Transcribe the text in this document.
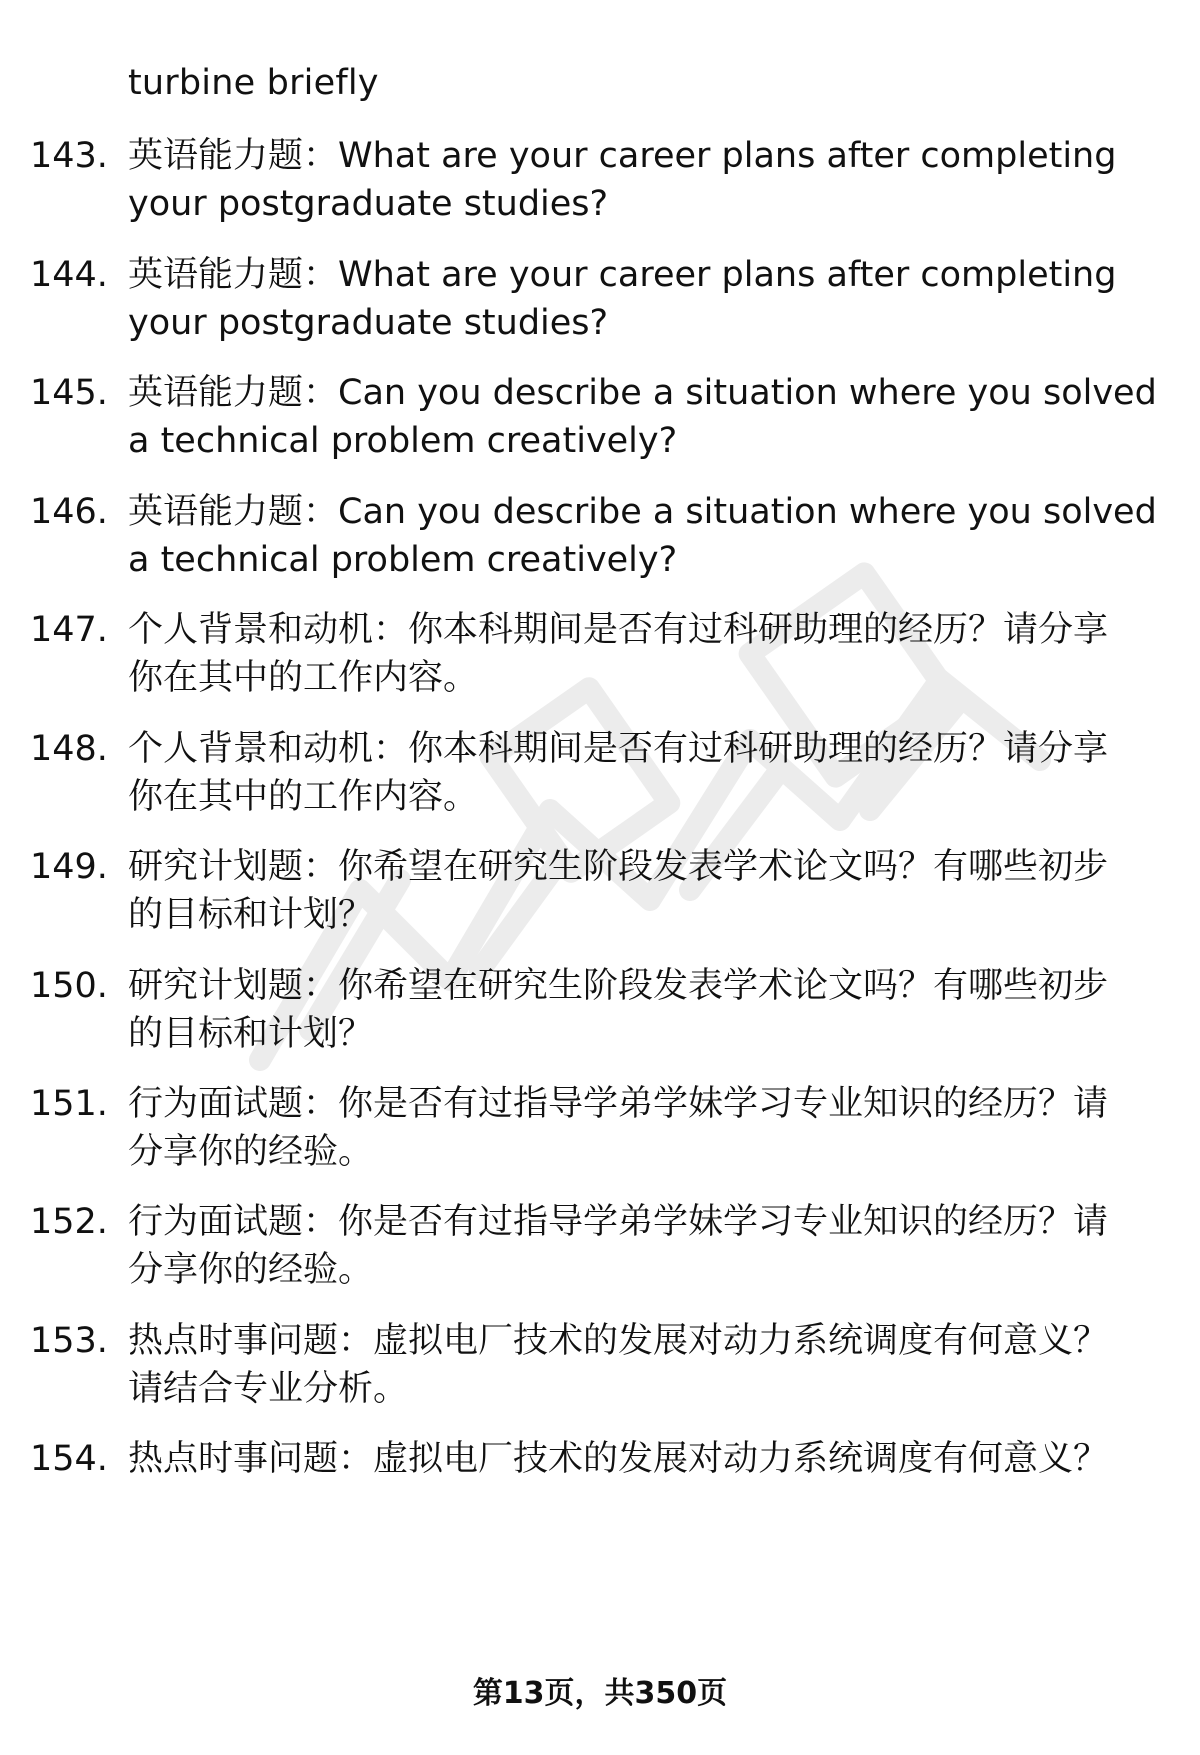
turbine briefly
143. 英语能力题：What are your career plans after completing
your postgraduate studies?
144. 英语能力题：What are your career plans after completing
your postgraduate studies?
145. 英语能力题：Can you describe a situation where you solved
a technical problem creatively?
146. 英语能力题：Can you describe a situation where you solved
a technical problem creatively?
147. 个人背景和动机：你本科期间是否有过科研助理的经历？请分享
你在其中的工作内容。
148. 个人背景和动机：你本科期间是否有过科研助理的经历？请分享
你在其中的工作内容。
149. 研究计划题：你希望在研究生阶段发表学术论文吗？有哪些初步
的目标和计划？
150. 研究计划题：你希望在研究生阶段发表学术论文吗？有哪些初步
的目标和计划？
151. 行为面试题：你是否有过指导学弟学妹学习专业知识的经历？请
分享你的经验。
152. 行为面试题：你是否有过指导学弟学妹学习专业知识的经历？请
分享你的经验。
153. 热点时事问题：虚拟电厂技术的发展对动力系统调度有何意义？
请结合专业分析。
154. 热点时事问题：虚拟电厂技术的发展对动力系统调度有何意义？
第13页，共350页
